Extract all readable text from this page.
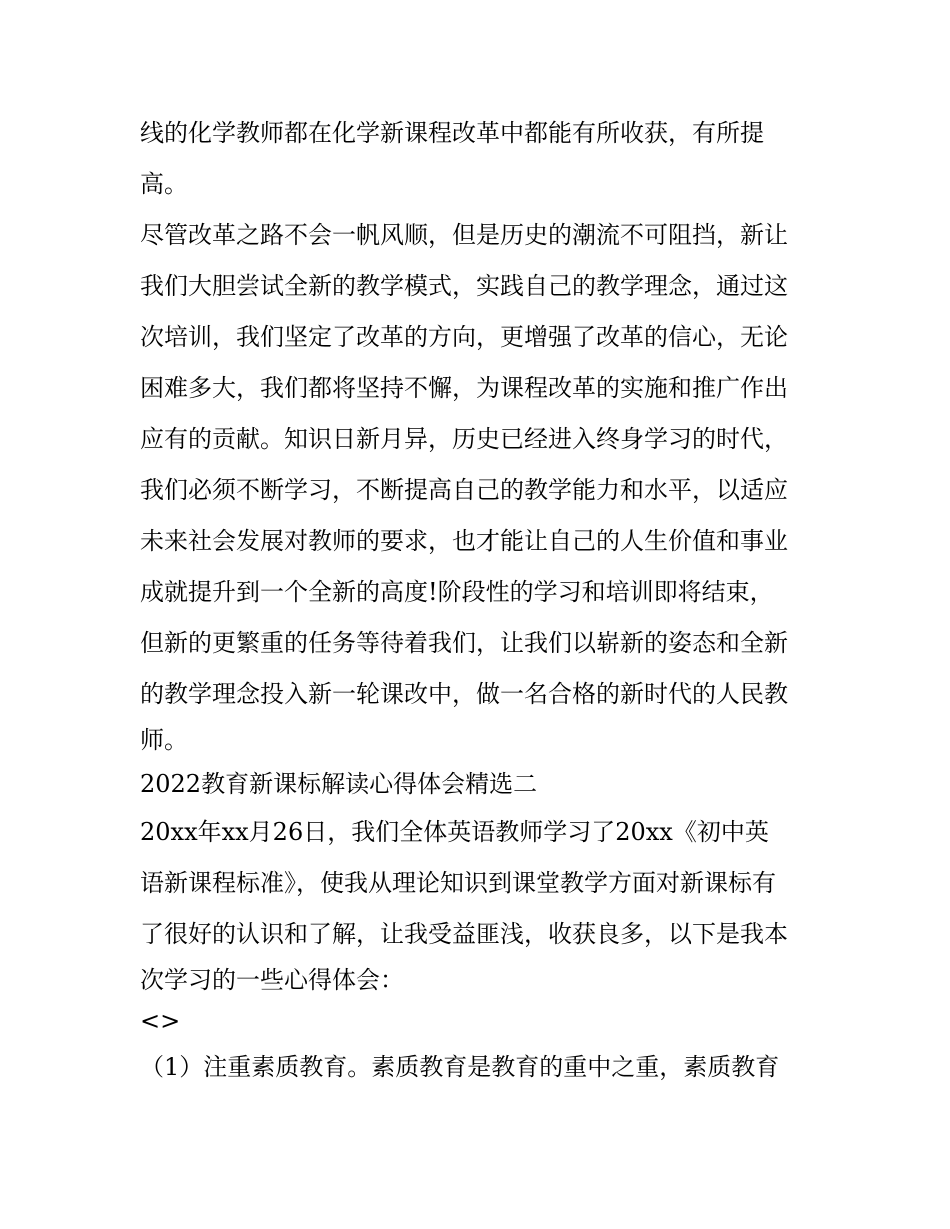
线的化学教师都在化学新课程改革中都能有所收获，有所提
高。
尽管改革之路不会一帆风顺，但是历史的潮流不可阻挡，新让
我们大胆尝试全新的教学模式，实践自己的教学理念，通过这
次培训，我们坚定了改革的方向，更增强了改革的信心，无论
困难多大，我们都将坚持不懈，为课程改革的实施和推广作出
应有的贡献。知识日新月异，历史已经进入终身学习的时代，
我们必须不断学习，不断提高自己的教学能力和水平，以适应
未来社会发展对教师的要求，也才能让自己的人生价值和事业
成就提升到一个全新的高度!阶段性的学习和培训即将结束，
但新的更繁重的任务等待着我们，让我们以崭新的姿态和全新
的教学理念投入新一轮课改中，做一名合格的新时代的人民教
师。
2022教育新课标解读心得体会精选二
20xx年xx月26日，我们全体英语教师学习了20xx《初中英
语新课程标准》，使我从理论知识到课堂教学方面对新课标有
了很好的认识和了解，让我受益匪浅，收获良多，以下是我本
次学习的一些心得体会：
<>
（1）注重素质教育。素质教育是教育的重中之重，素质教育
